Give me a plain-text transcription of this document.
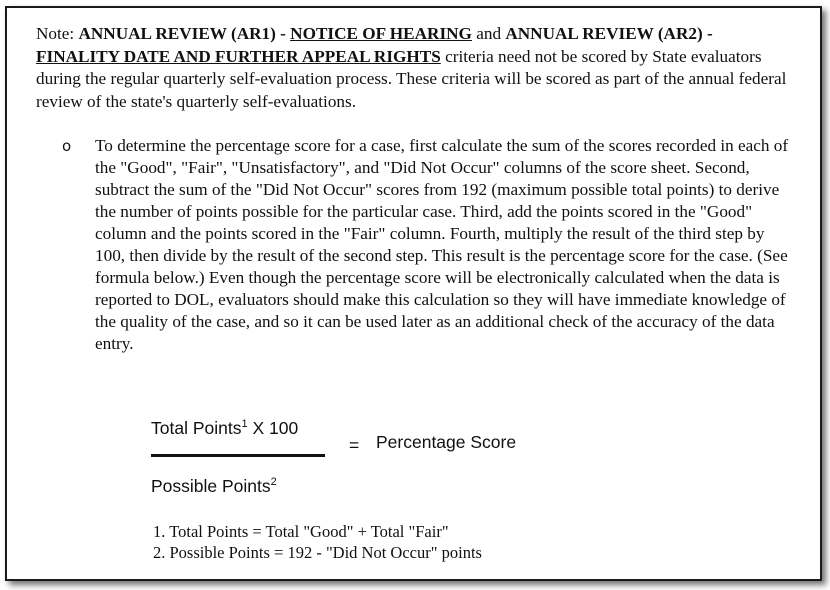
Note: ANNUAL REVIEW (AR1) - NOTICE OF HEARING and ANNUAL REVIEW (AR2) - FINALITY DATE AND FURTHER APPEAL RIGHTS criteria need not be scored by State evaluators during the regular quarterly self-evaluation process. These criteria will be scored as part of the annual federal review of the state's quarterly self-evaluations.

o To determine the percentage score for a case, first calculate the sum of the scores recorded in each of the "Good", "Fair", "Unsatisfactory", and "Did Not Occur" columns of the score sheet. Second, subtract the sum of the "Did Not Occur" scores from 192 (maximum possible total points) to derive the number of points possible for the particular case. Third, add the points scored in the "Good" column and the points scored in the "Fair" column. Fourth, multiply the result of the third step by 100, then divide by the result of the second step. This result is the percentage score for the case. (See formula below.) Even though the percentage score will be electronically calculated when the data is reported to DOL, evaluators should make this calculation so they will have immediate knowledge of the quality of the case, and so it can be used later as an additional check of the accuracy of the data entry.

Total Points$^1$ X 100
= Percentage Score
Possible Points$^2$
1. Total Points = Total "Good" + Total "Fair"
2. Possible Points = 192 - "Did Not Occur" points
